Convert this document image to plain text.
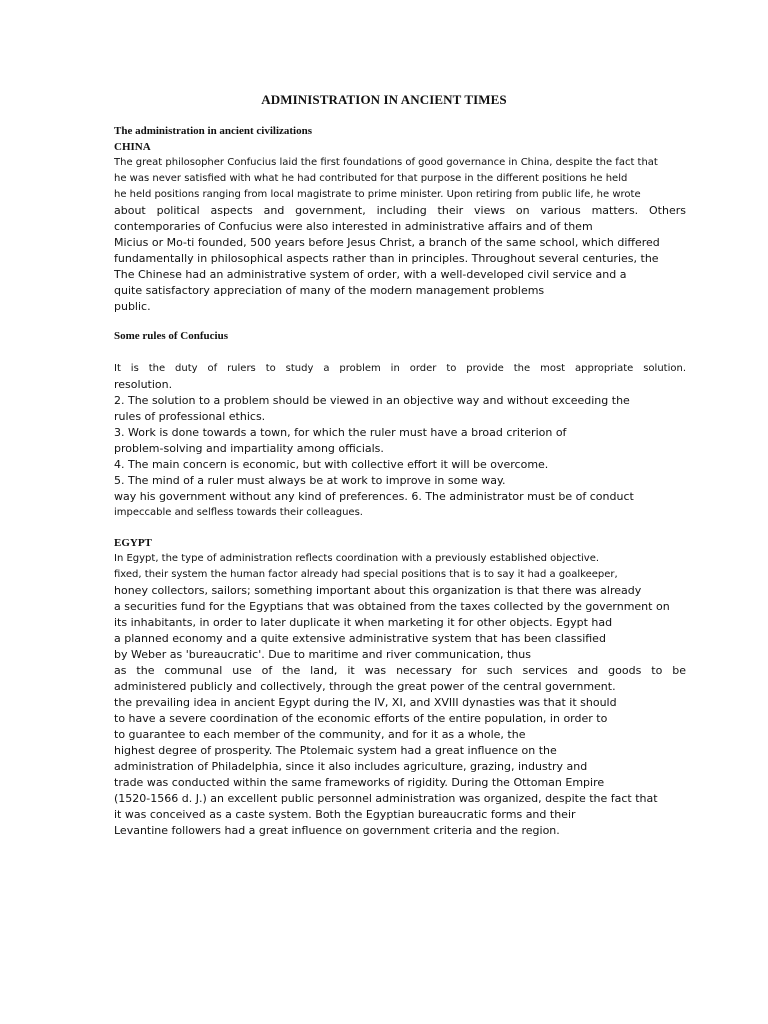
ADMINISTRATION IN ANCIENT TIMES
The administration in ancient civilizations
CHINA
The great philosopher Confucius laid the first foundations of good governance in China, despite the fact that
he was never satisfied with what he had contributed for that purpose in the different positions he held
he held positions ranging from local magistrate to prime minister. Upon retiring from public life, he wrote
about political aspects and government, including their views on various matters. Others
contemporaries of Confucius were also interested in administrative affairs and of them
Micius or Mo-ti founded, 500 years before Jesus Christ, a branch of the same school, which differed
fundamentally in philosophical aspects rather than in principles. Throughout several centuries, the
The Chinese had an administrative system of order, with a well-developed civil service and a
quite satisfactory appreciation of many of the modern management problems
public.
Some rules of Confucius
It is the duty of rulers to study a problem in order to provide the most appropriate solution.
resolution.
2. The solution to a problem should be viewed in an objective way and without exceeding the
rules of professional ethics.
3. Work is done towards a town, for which the ruler must have a broad criterion of
problem-solving and impartiality among officials.
4. The main concern is economic, but with collective effort it will be overcome.
5. The mind of a ruler must always be at work to improve in some way.
way his government without any kind of preferences. 6. The administrator must be of conduct
impeccable and selfless towards their colleagues.
EGYPT
In Egypt, the type of administration reflects coordination with a previously established objective.
fixed, their system the human factor already had special positions that is to say it had a goalkeeper,
honey collectors, sailors; something important about this organization is that there was already
a securities fund for the Egyptians that was obtained from the taxes collected by the government on
its inhabitants, in order to later duplicate it when marketing it for other objects. Egypt had
a planned economy and a quite extensive administrative system that has been classified
by Weber as 'bureaucratic'. Due to maritime and river communication, thus
as the communal use of the land, it was necessary for such services and goods to be
administered publicly and collectively, through the great power of the central government.
the prevailing idea in ancient Egypt during the IV, XI, and XVIII dynasties was that it should
to have a severe coordination of the economic efforts of the entire population, in order to
to guarantee to each member of the community, and for it as a whole, the
highest degree of prosperity. The Ptolemaic system had a great influence on the
administration of Philadelphia, since it also includes agriculture, grazing, industry and
trade was conducted within the same frameworks of rigidity. During the Ottoman Empire
(1520-1566 d. J.) an excellent public personnel administration was organized, despite the fact that
it was conceived as a caste system. Both the Egyptian bureaucratic forms and their
Levantine followers had a great influence on government criteria and the region.
